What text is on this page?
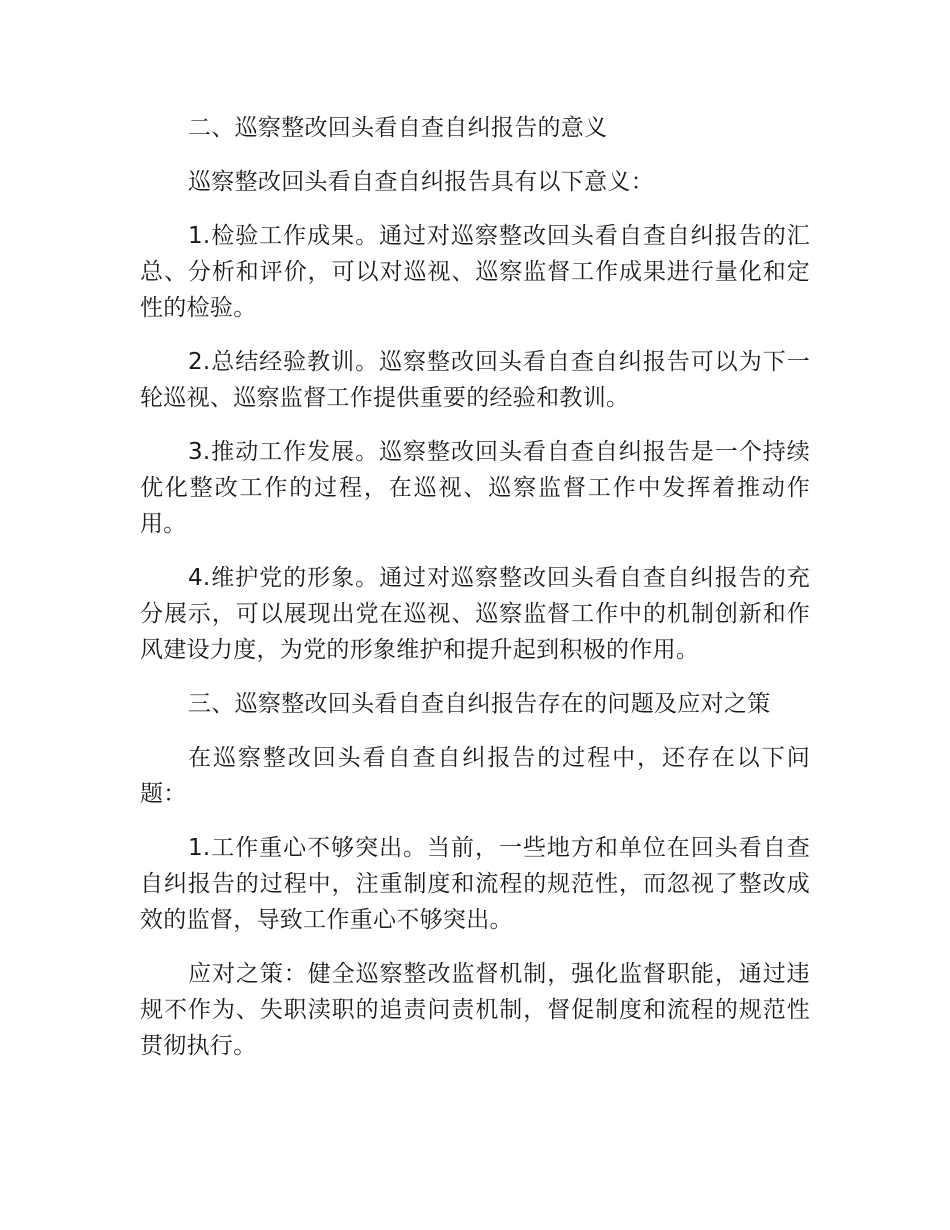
二、巡察整改回头看自查自纠报告的意义

巡察整改回头看自查自纠报告具有以下意义：

1.检验工作成果。通过对巡察整改回头看自查自纠报告的汇总、分析和评价，可以对巡视、巡察监督工作成果进行量化和定性的检验。

2.总结经验教训。巡察整改回头看自查自纠报告可以为下一轮巡视、巡察监督工作提供重要的经验和教训。

3.推动工作发展。巡察整改回头看自查自纠报告是一个持续优化整改工作的过程，在巡视、巡察监督工作中发挥着推动作用。

4.维护党的形象。通过对巡察整改回头看自查自纠报告的充分展示，可以展现出党在巡视、巡察监督工作中的机制创新和作风建设力度，为党的形象维护和提升起到积极的作用。

三、巡察整改回头看自查自纠报告存在的问题及应对之策

在巡察整改回头看自查自纠报告的过程中，还存在以下问题：

1.工作重心不够突出。当前，一些地方和单位在回头看自查自纠报告的过程中，注重制度和流程的规范性，而忽视了整改成效的监督，导致工作重心不够突出。

应对之策：健全巡察整改监督机制，强化监督职能，通过违规不作为、失职渎职的追责问责机制，督促制度和流程的规范性贯彻执行。
